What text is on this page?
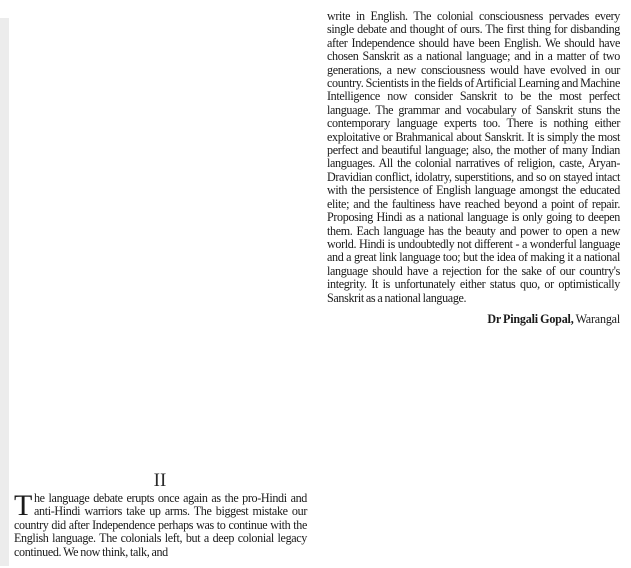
write in English. The colonial consciousness pervades every single debate and thought of ours. The first thing for disbanding after Independence should have been English. We should have chosen Sanskrit as a national language; and in a matter of two generations, a new consciousness would have evolved in our country. Scientists in the fields of Artificial Learning and Machine Intelligence now consider Sanskrit to be the most perfect language. The grammar and vocabulary of Sanskrit stuns the contemporary language experts too. There is nothing either exploitative or Brahmanical about Sanskrit. It is simply the most perfect and beautiful language; also, the mother of many Indian languages. All the colonial narratives of religion, caste, Aryan-Dravidian conflict, idolatry, superstitions, and so on stayed intact with the persistence of English language amongst the educated elite; and the faultiness have reached beyond a point of repair. Proposing Hindi as a national language is only going to deepen them. Each language has the beauty and power to open a new world. Hindi is undoubtedly not different - a wonderful language and a great link language too; but the idea of making it a national language should have a rejection for the sake of our country's integrity. It is unfortunately either status quo, or optimistically Sanskrit as a national language.

Dr Pingali Gopal, Warangal
II

The language debate erupts once again as the pro-Hindi and anti-Hindi warriors take up arms. The biggest mistake our country did after Independence perhaps was to continue with the English language. The colonials left, but a deep colonial legacy continued. We now think, talk, and
